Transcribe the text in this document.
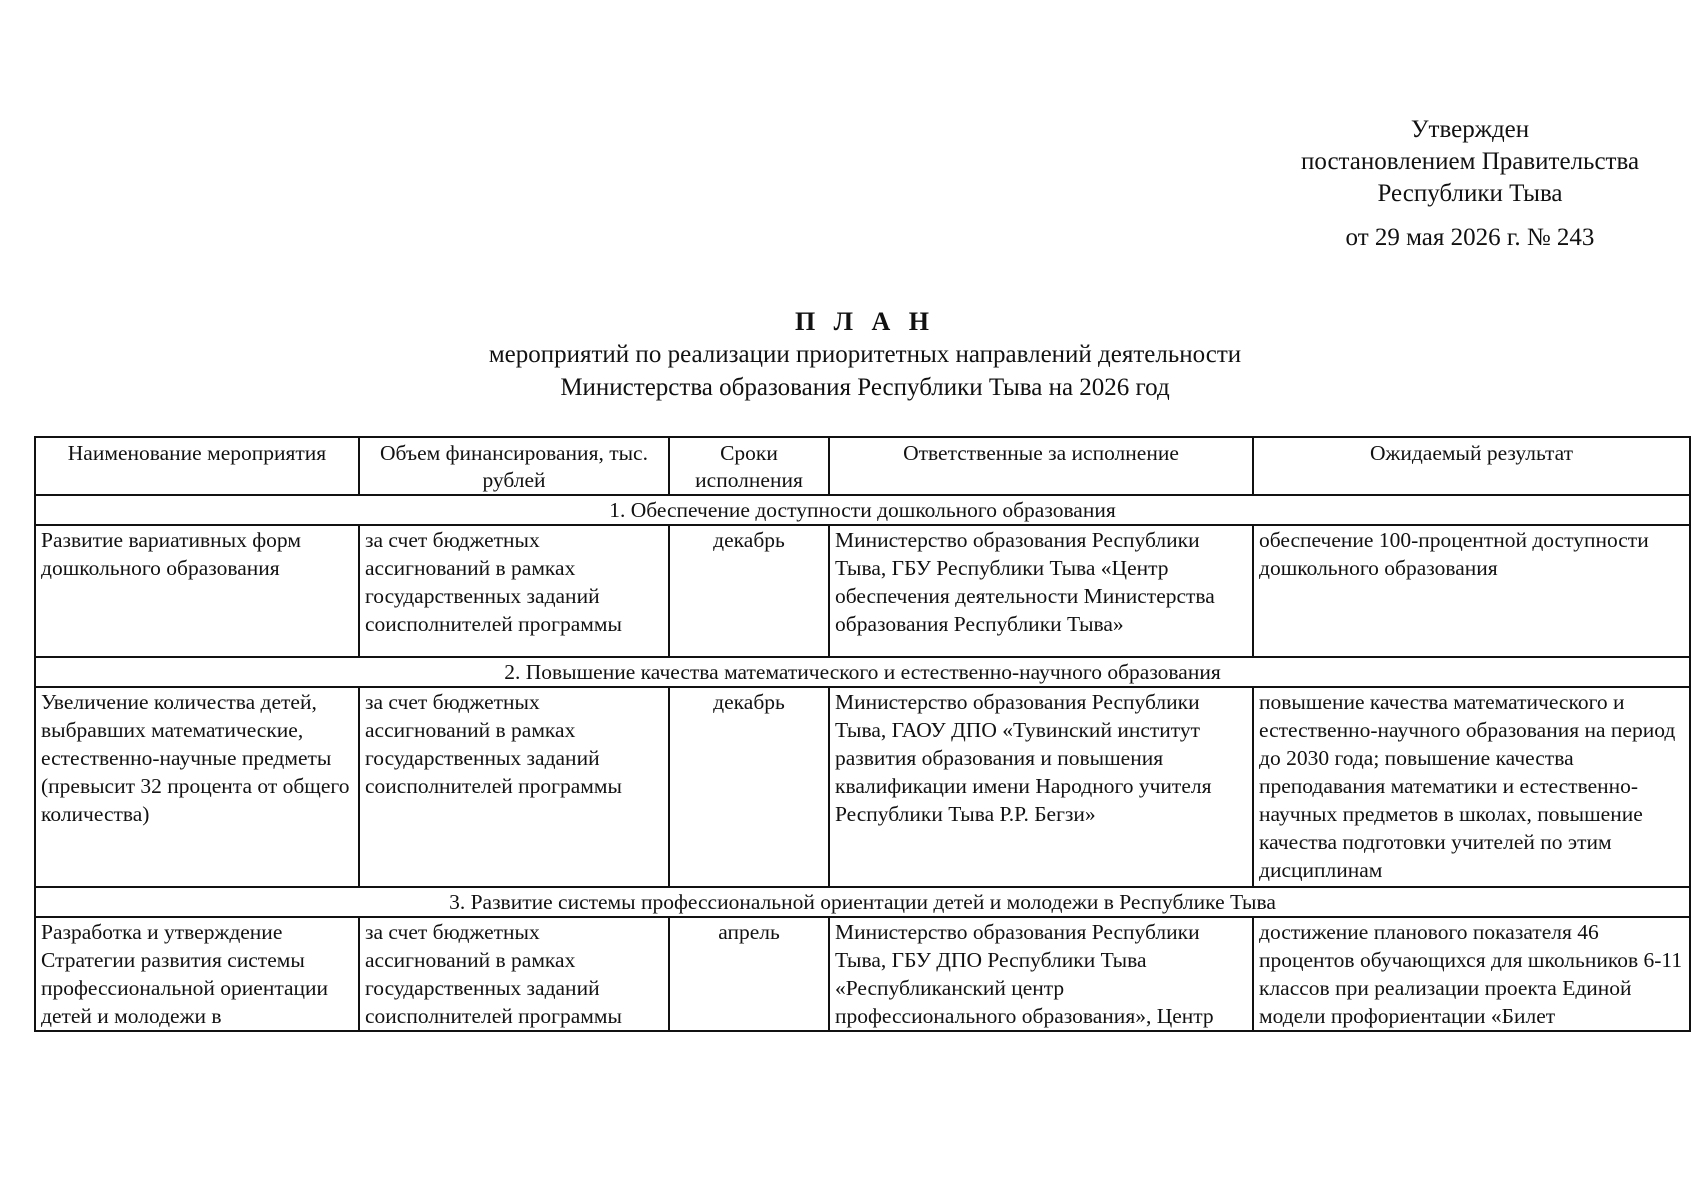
Утвержден
постановлением Правительства
Республики Тыва
от 29 мая 2026 г. № 243
П Л А Н
мероприятий по реализации приоритетных направлений деятельности
Министерства образования Республики Тыва на 2026 год
Наименование мероприятия	Объем финансирования, тыс. рублей	Сроки исполнения	Ответственные за исполнение	Ожидаемый результат
1. Обеспечение доступности дошкольного образования				
Развитие вариативных форм дошкольного образования	за счет бюджетных ассигнований в рамках государственных заданий соисполнителей программы	декабрь	Министерство образования Республики Тыва, ГБУ Республики Тыва «Центр обеспечения деятельности Министерства образования Республики Тыва»	обеспечение 100-процентной доступности дошкольного образования
2. Повышение качества математического и естественно-научного образования				
Увеличение количества детей, выбравших математические, естественно-научные предметы (превысит 32 процента от общего количества)	за счет бюджетных ассигнований в рамках государственных заданий соисполнителей программы	декабрь	Министерство образования Республики Тыва, ГАОУ ДПО «Тувинский институт развития образования и повышения квалификации имени Народного учителя Республики Тыва Р.Р. Бегзи»	повышение качества математического и естественно-научного образования на период до 2030 года; повышение качества преподавания математики и естественно-научных предметов в школах, повышение качества подготовки учителей по этим дисциплинам
3. Развитие системы профессиональной ориентации детей и молодежи в Республике Тыва				
Разработка и утверждение Стратегии развития системы профессиональной ориентации детей и молодежи в	за счет бюджетных ассигнований в рамках государственных заданий соисполнителей программы	апрель	Министерство образования Республики Тыва, ГБУ ДПО Республики Тыва «Республиканский центр профессионального образования», Центр	достижение планового показателя 46 процентов обучающихся для школьников 6-11 классов при реализации проекта Единой модели профориентации «Билет
